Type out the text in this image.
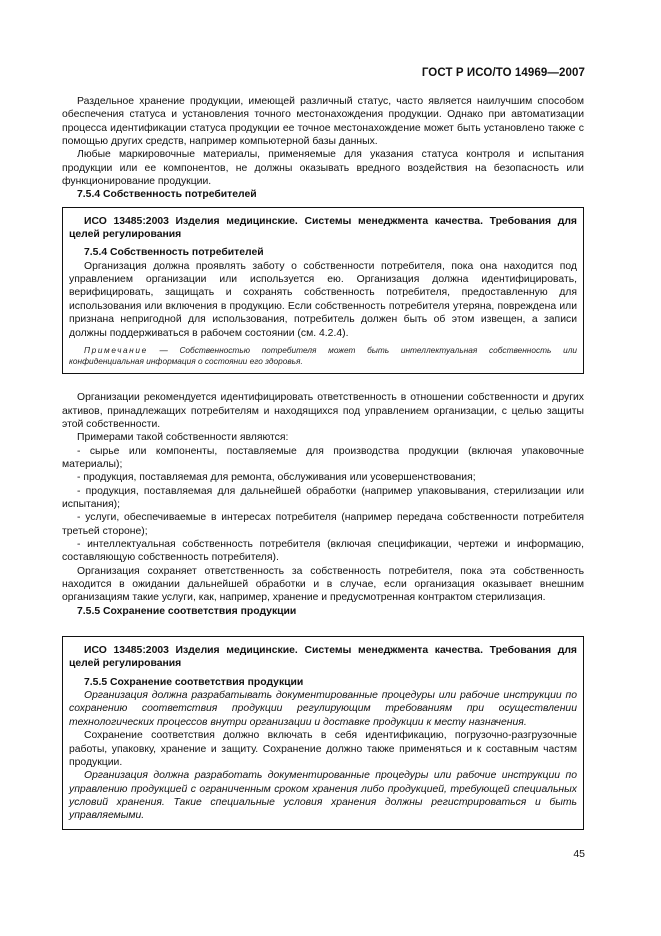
ГОСТ Р ИСО/ТО 14969—2007

Раздельное хранение продукции, имеющей различный статус, часто является наилучшим способом обеспечения статуса и установления точного местонахождения продукции. Однако при автоматизации процесса идентификации статуса продукции ее точное местонахождение может быть установлено также с помощью других средств, например компьютерной базы данных.

Любые маркировочные материалы, применяемые для указания статуса контроля и испытания продукции или ее компонентов, не должны оказывать вредного воздействия на безопасность или функционирование продукции.

7.5.4 Собственность потребителей

ИСО 13485:2003 Изделия медицинские. Системы менеджмента качества. Требования для целей регулирования

7.5.4 Собственность потребителей

Организация должна проявлять заботу о собственности потребителя, пока она находится под управлением организации или используется ею. Организация должна идентифицировать, верифицировать, защищать и сохранять собственность потребителя, предоставленную для использования или включения в продукцию. Если собственность потребителя утеряна, повреждена или признана непригодной для использования, потребитель должен быть об этом извещен, а записи должны поддерживаться в рабочем состоянии (см. 4.2.4).

Примечание — Собственностью потребителя может быть интеллектуальная собственность или конфиденциальная информация о состоянии его здоровья.

Организации рекомендуется идентифицировать ответственность в отношении собственности и других активов, принадлежащих потребителям и находящихся под управлением организации, с целью защиты этой собственности.

Примерами такой собственности являются:

- сырье или компоненты, поставляемые для производства продукции (включая упаковочные материалы);

- продукция, поставляемая для ремонта, обслуживания или усовершенствования;

- продукция, поставляемая для дальнейшей обработки (например упаковывания, стерилизации или испытания);

- услуги, обеспечиваемые в интересах потребителя (например передача собственности потребителя третьей стороне);

- интеллектуальная собственность потребителя (включая спецификации, чертежи и информацию, составляющую собственность потребителя).

Организация сохраняет ответственность за собственность потребителя, пока эта собственность находится в ожидании дальнейшей обработки и в случае, если организация оказывает внешним организациям такие услуги, как, например, хранение и предусмотренная контрактом стерилизация.

7.5.5 Сохранение соответствия продукции

ИСО 13485:2003 Изделия медицинские. Системы менеджмента качества. Требования для целей регулирования

7.5.5 Сохранение соответствия продукции

Организация должна разрабатывать документированные процедуры или рабочие инструкции по сохранению соответствия продукции регулирующим требованиям при осуществлении технологических процессов внутри организации и доставке продукции к месту назначения.

Сохранение соответствия должно включать в себя идентификацию, погрузочно-разгрузочные работы, упаковку, хранение и защиту. Сохранение должно также применяться и к составным частям продукции.

Организация должна разработать документированные процедуры или рабочие инструкции по управлению продукцией с ограниченным сроком хранения либо продукцией, требующей специальных условий хранения. Такие специальные условия хранения должны регистрироваться и быть управляемыми.

45
